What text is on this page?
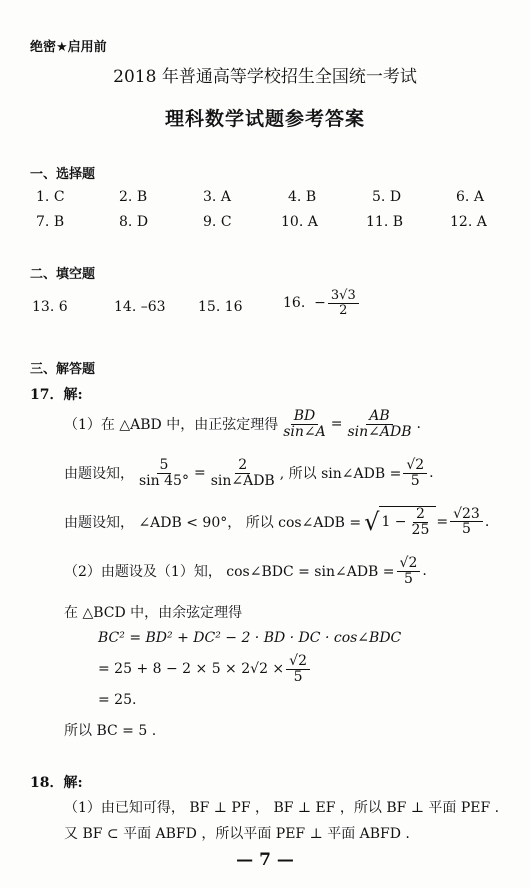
绝密★启用前
2018 年普通高等学校招生全国统一考试
理科数学试题参考答案
一、选择题
1. C	2. B	3. A	4. B	5. D	6. A
7. B	8. D	9. C	10. A	11. B	12. A
二、填空题
13. 6	14. –63 15. 16	16.
− $\frac{3√3}{2}$
三、解答题
17．解:
（1）在 △ABD 中，由正弦定理得 $\frac{BD}{\sin\angle A} = \frac{AB}{\text{sin∠ADB}}$ .
由题设知， $\frac{5}{\sin 45^\circ} = \frac{2}{\text{sin∠ADB}}$ , 所以 sin∠ADB = $\frac{√2}{5}$ .
由题设知， ∠ADB < 90°， 所以 cos∠ADB = √ $1 - \frac{2}{25} = \frac{√23}{5}$ .
（2）由题设及（1）知， cos∠BDC = sin∠ADB = $\frac{√2}{5}$ .
在 △BCD 中，由余弦定理得
BC² = BD² + DC² − 2 · BD · DC · cos∠BDC
= $25 + 8 - 2 \times 5 \times 2√2 \times \frac{√2}{5}$
= 25.
所以 BC = 5 .
18．解:
（1）由已知可得， BF ⊥ PF ， BF ⊥ EF ，所以 BF ⊥ 平面 PEF .
又 BF ⊂ 平面 ABFD ，所以平面 PEF ⊥ 平面 ABFD .
— 7 —
